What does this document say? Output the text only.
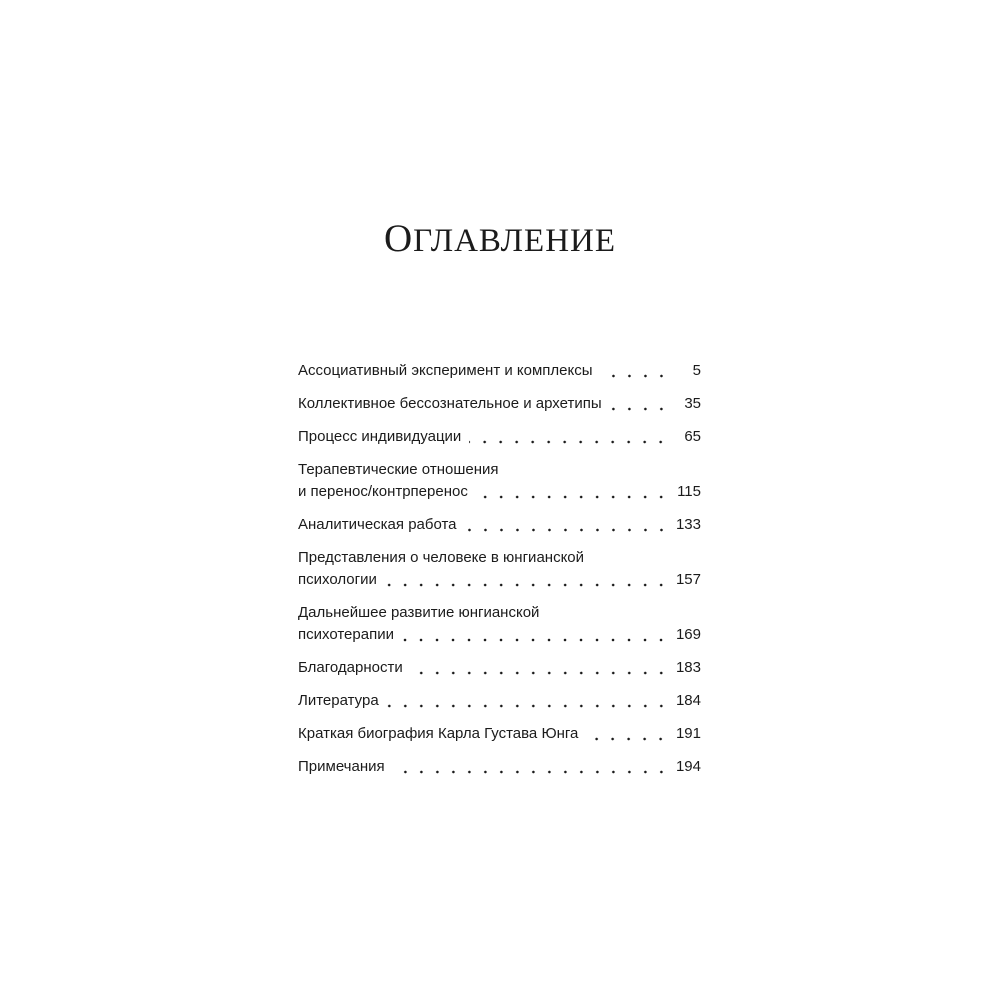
ОГЛАВЛЕНИЕ
Ассоциативный эксперимент и комплексы	5
Коллективное бессознательное и архетипы	35
Процесс индивидуации	65
Терапевтические отношения
и перенос/контрперенос	115
Аналитическая работа	133
Представления о человеке в юнгианской
психологии	157
Дальнейшее развитие юнгианской
психотерапии	169
Благодарности	183
Литература	184
Краткая биография Карла Густава Юнга	191
Примечания	194
